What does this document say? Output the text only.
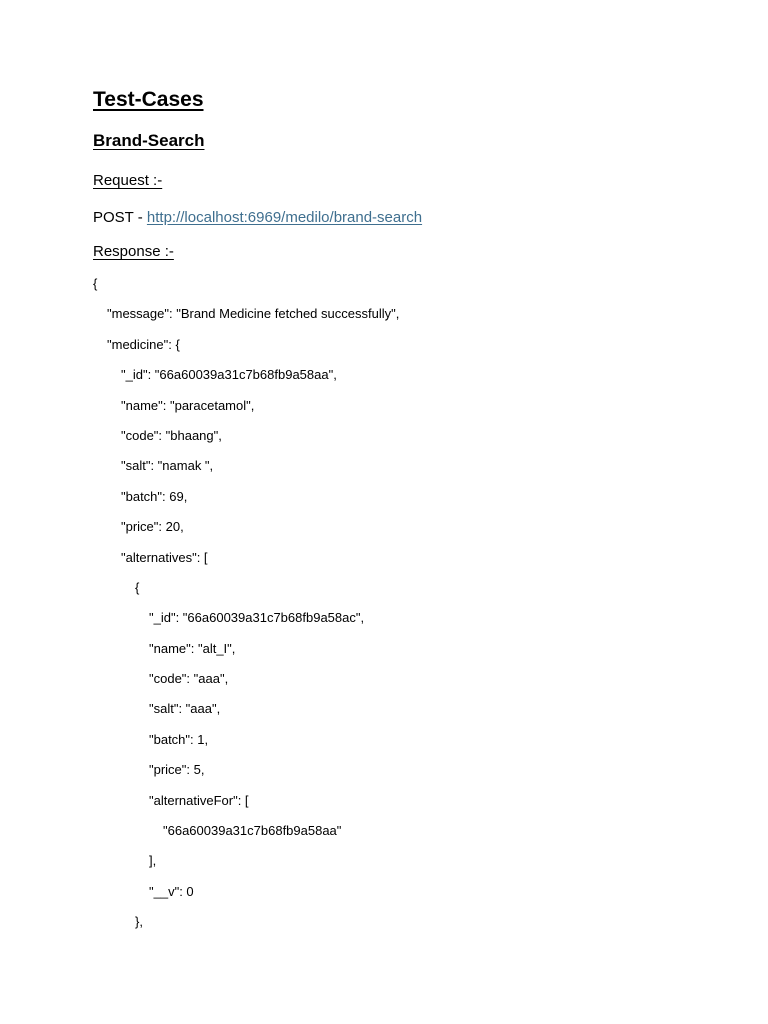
Test-Cases
Brand-Search
Request :-
POST - http://localhost:6969/medilo/brand-search
Response :-
{
"message": "Brand Medicine fetched successfully",
"medicine": {
"_id": "66a60039a31c7b68fb9a58aa",
"name": "paracetamol",
"code": "bhaang",
"salt": "namak ",
"batch": 69,
"price": 20,
"alternatives": [
{
"_id": "66a60039a31c7b68fb9a58ac",
"name": "alt_I",
"code": "aaa",
"salt": "aaa",
"batch": 1,
"price": 5,
"alternativeFor": [
"66a60039a31c7b68fb9a58aa"
],
"__v": 0
},
